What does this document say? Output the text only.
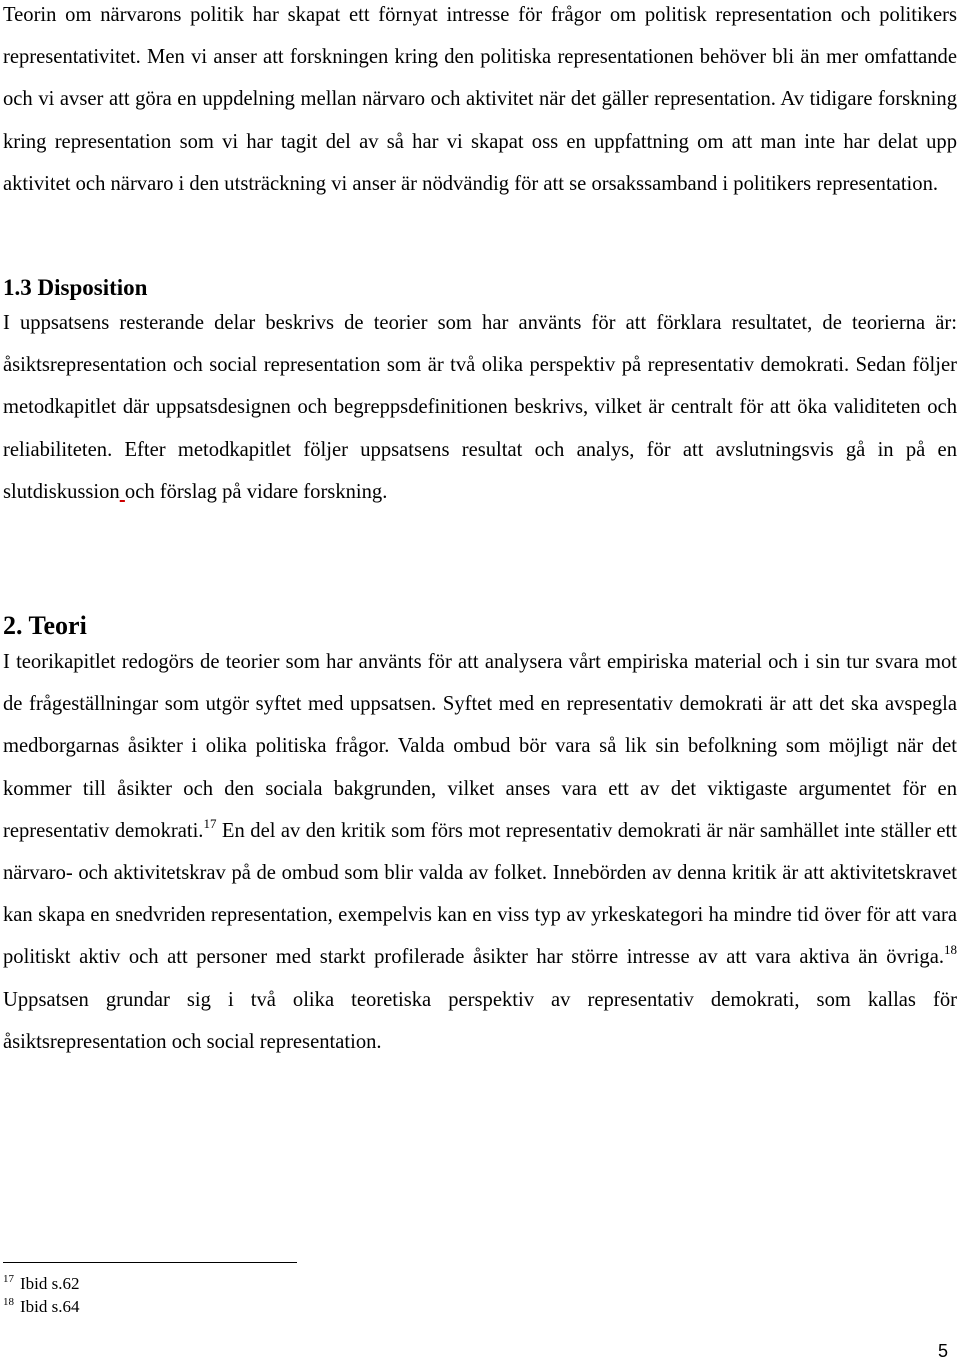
Teorin om närvarons politik har skapat ett förnyat intresse för frågor om politisk representation och politikers representativitet. Men vi anser att forskningen kring den politiska representationen behöver bli än mer omfattande och vi avser att göra en uppdelning mellan närvaro och aktivitet när det gäller representation. Av tidigare forskning kring representation som vi har tagit del av så har vi skapat oss en uppfattning om att man inte har delat upp aktivitet och närvaro i den utsträckning vi anser är nödvändig för att se orsakssamband i politikers representation.

1.3 Disposition

I uppsatsens resterande delar beskrivs de teorier som har använts för att förklara resultatet, de teorierna är: åsiktsrepresentation och social representation som är två olika perspektiv på representativ demokrati. Sedan följer metodkapitlet där uppsatsdesignen och begreppsdefinitionen beskrivs, vilket är centralt för att öka validiteten och reliabiliteten. Efter metodkapitlet följer uppsatsens resultat och analys, för att avslutningsvis gå in på en slutdiskussion och förslag på vidare forskning.

2. Teori

I teorikapitlet redogörs de teorier som har använts för att analysera vårt empiriska material och i sin tur svara mot de frågeställningar som utgör syftet med uppsatsen. Syftet med en representativ demokrati är att det ska avspegla medborgarnas åsikter i olika politiska frågor. Valda ombud bör vara så lik sin befolkning som möjligt när det kommer till åsikter och den sociala bakgrunden, vilket anses vara ett av det viktigaste argumentet för en representativ demokrati.$^{17}$ En del av den kritik som förs mot representativ demokrati är när samhället inte ställer ett närvaro- och aktivitetskrav på de ombud som blir valda av folket. Innebörden av denna kritik är att aktivitetskravet kan skapa en snedvriden representation, exempelvis kan en viss typ av yrkeskategori ha mindre tid över för att vara politiskt aktiv och att personer med starkt profilerade åsikter har större intresse av att vara aktiva än övriga.$^{18}$ Uppsatsen grundar sig i två olika teoretiska perspektiv av representativ demokrati, som kallas för åsiktsrepresentation och social representation.

$^{17}$ Ibid s.62
$^{18}$ Ibid s.64
5
